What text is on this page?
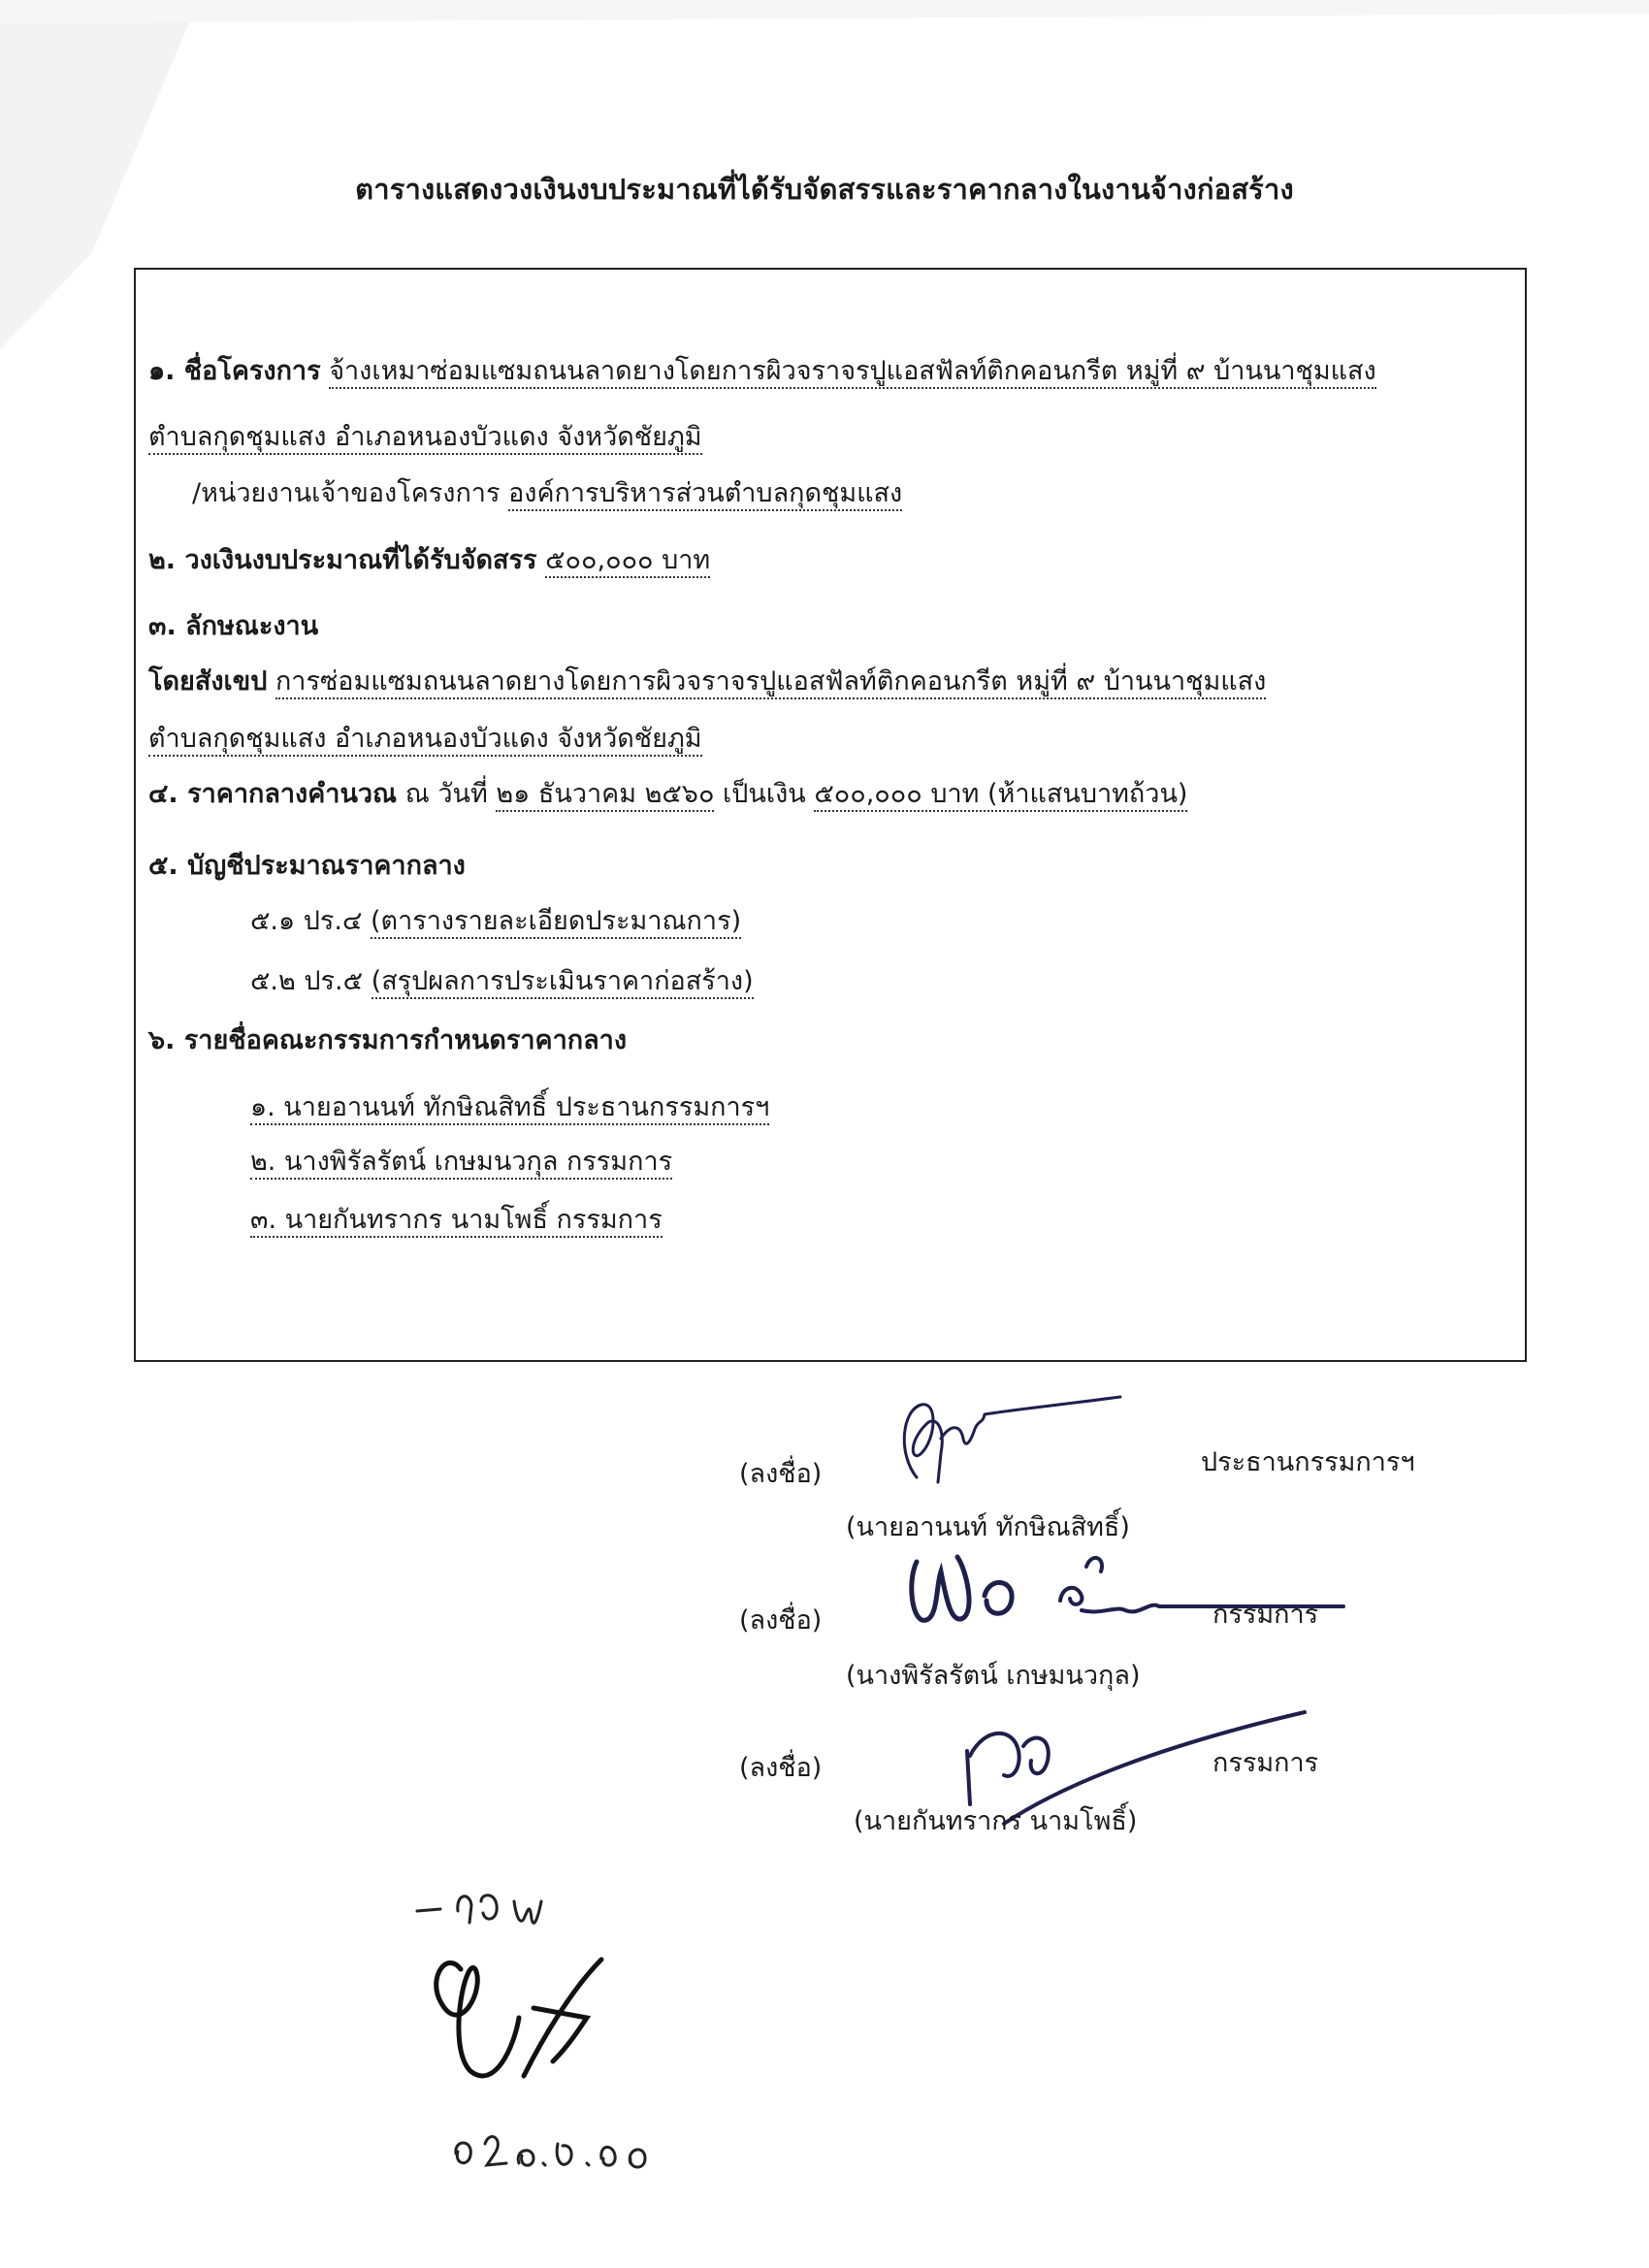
ตารางแสดงวงเงินงบประมาณที่ได้รับจัดสรรและราคากลางในงานจ้างก่อสร้าง
๑. ชื่อโครงการ จ้างเหมาซ่อมแซมถนนลาดยางโดยการผิวจราจรปูแอสฟัลท์ติกคอนกรีต หมู่ที่ ๙ บ้านนาชุมแสง
ตำบลกุดชุมแสง อำเภอหนองบัวแดง จังหวัดชัยภูมิ
/หน่วยงานเจ้าของโครงการ องค์การบริหารส่วนตำบลกุดชุมแสง
๒. วงเงินงบประมาณที่ได้รับจัดสรร ๕๐๐,๐๐๐ บาท
๓. ลักษณะงาน
โดยสังเขป การซ่อมแซมถนนลาดยางโดยการผิวจราจรปูแอสฟัลท์ติกคอนกรีต หมู่ที่ ๙ บ้านนาชุมแสง
ตำบลกุดชุมแสง อำเภอหนองบัวแดง จังหวัดชัยภูมิ
๔. ราคากลางคำนวณ ณ วันที่ ๒๑ ธันวาคม ๒๕๖๐ เป็นเงิน ๕๐๐,๐๐๐ บาท (ห้าแสนบาทถ้วน)
๕. บัญชีประมาณราคากลาง
๕.๑ ปร.๔ (ตารางรายละเอียดประมาณการ)
๕.๒ ปร.๕ (สรุปผลการประเมินราคาก่อสร้าง)
๖. รายชื่อคณะกรรมการกำหนดราคากลาง
๑. นายอานนท์ ทักษิณสิทธิ์ ประธานกรรมการฯ
๒. นางพิรัลรัตน์ เกษมนวกุล กรรมการ
๓. นายกันทรากร นามโพธิ์ กรรมการ
(ลงชื่อ)	ประธานกรรมการฯ
(นายอานนท์ ทักษิณสิทธิ์)
(ลงชื่อ)	กรรมการ
(นางพิรัลรัตน์ เกษมนวกุล)
(ลงชื่อ)	กรรมการ
(นายกันทรากร นามโพธิ์)
